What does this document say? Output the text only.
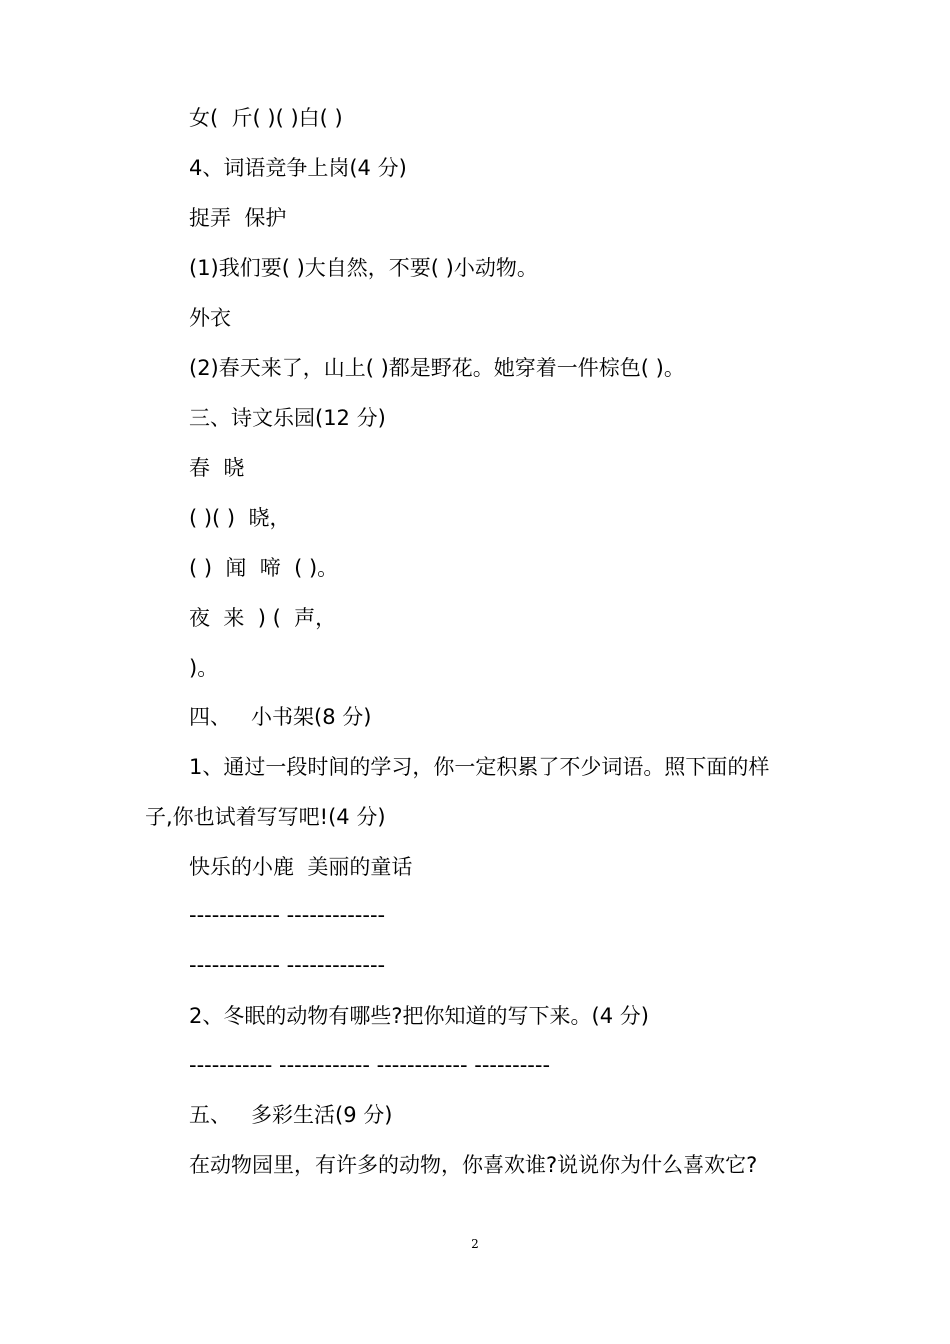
女(  斤( )( )白( )
4、词语竞争上岗(4 分)
捉弄  保护
(1)我们要( )大自然，不要( )小动物。
外衣
(2)春天来了，山上( )都是野花。她穿着一件棕色( )。
三、诗文乐园(12 分)
春  晓
( )( )  晓，
( )  闻  啼  ( )。
夜  来  ) (  声，
)。
四、   小书架(8 分)
1、通过一段时间的学习，你一定积累了不少词语。照下面的样
子,你也试着写写吧!(4 分)
快乐的小鹿  美丽的童话
------------ -------------
------------ -------------
2、冬眠的动物有哪些?把你知道的写下来。(4 分)
----------- ------------ ------------ ----------
五、   多彩生活(9 分)
在动物园里，有许多的动物，你喜欢谁?说说你为什么喜欢它?
2
